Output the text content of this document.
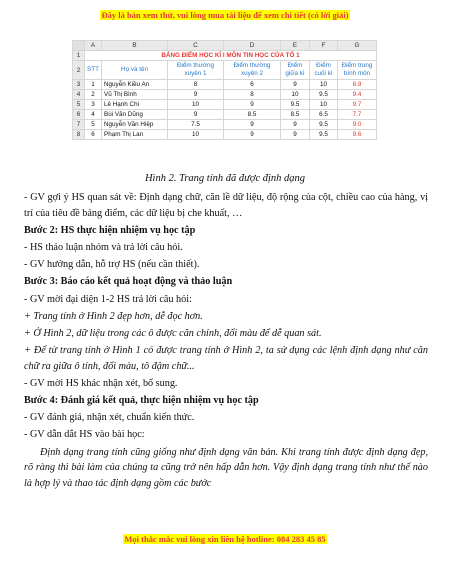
Đây là bản xem thử, vui lòng mua tài liệu để xem chi tiết (có lời giải)
	A	B	C	D	E	F	G
1	BẢNG ĐIỂM HỌC KÌ I MÔN TIN HỌC CỦA TỔ 1						
2	STT	Họ và tên	Điểm thường xuyên 1	Điểm thường xuyên 2	Điểm giữa kì	Điểm cuối kì	Điểm trung bình môn
3	1	Nguyễn Kiều An	8	6	9	10	8.9
4	2	Vũ Thị Bình	9	8	10	9.5	9.4
5	3	Lê Hạnh Chi	10	9	9.5	10	9.7
6	4	Bùi Văn Dũng	9	8.5	8.5	6.5	7.7
7	5	Nguyễn Văn Hiệp	7.5	9	9	9.5	9.0
8	6	Phạm Thị Lan	10	9	9	9.5	9.6
Hình 2. Trang tính đã được định dạng

- GV gợi ý HS quan sát về: Định dạng chữ, căn lề dữ liệu, độ rộng của cột, chiều cao của hàng, vị trí của tiêu đề bảng điểm, các dữ liệu bị che khuất, …

Bước 2: HS thực hiện nhiệm vụ học tập

- HS thảo luận nhóm và trả lời câu hỏi.

- GV hướng dẫn, hỗ trợ HS (nếu cần thiết).

Bước 3: Báo cáo kết quả hoạt động và thảo luận

- GV mời đại diện 1-2 HS trả lời câu hỏi:

+ Trang tính ở Hình 2 đẹp hơn, dễ đọc hơn.

+ Ở Hình 2, dữ liệu trong các ô được căn chỉnh, đổi màu để dễ quan sát.

+ Để từ trang tính ở Hình 1 có được trang tính ở Hình 2, ta sử dụng các lệnh định dạng như căn chữ ra giữa ô tính, đổi màu, tô đậm chữ...

- GV mời HS khác nhận xét, bổ sung.

Bước 4: Đánh giá kết quả, thực hiện nhiệm vụ học tập

- GV đánh giá, nhận xét, chuẩn kiến thức.

- GV dẫn dắt HS vào bài học:

Định dạng trang tính cũng giống như định dạng văn bản. Khi trang tính được định dạng đẹp, rõ ràng thì bài làm của chúng ta cũng trở nên hấp dẫn hơn. Vậy định dạng trang tính như thế nào là hợp lý và thao tác định dạng gồm các bước

Mọi thắc mắc vui lòng xin liên hệ hotline: 084 283 45 85
